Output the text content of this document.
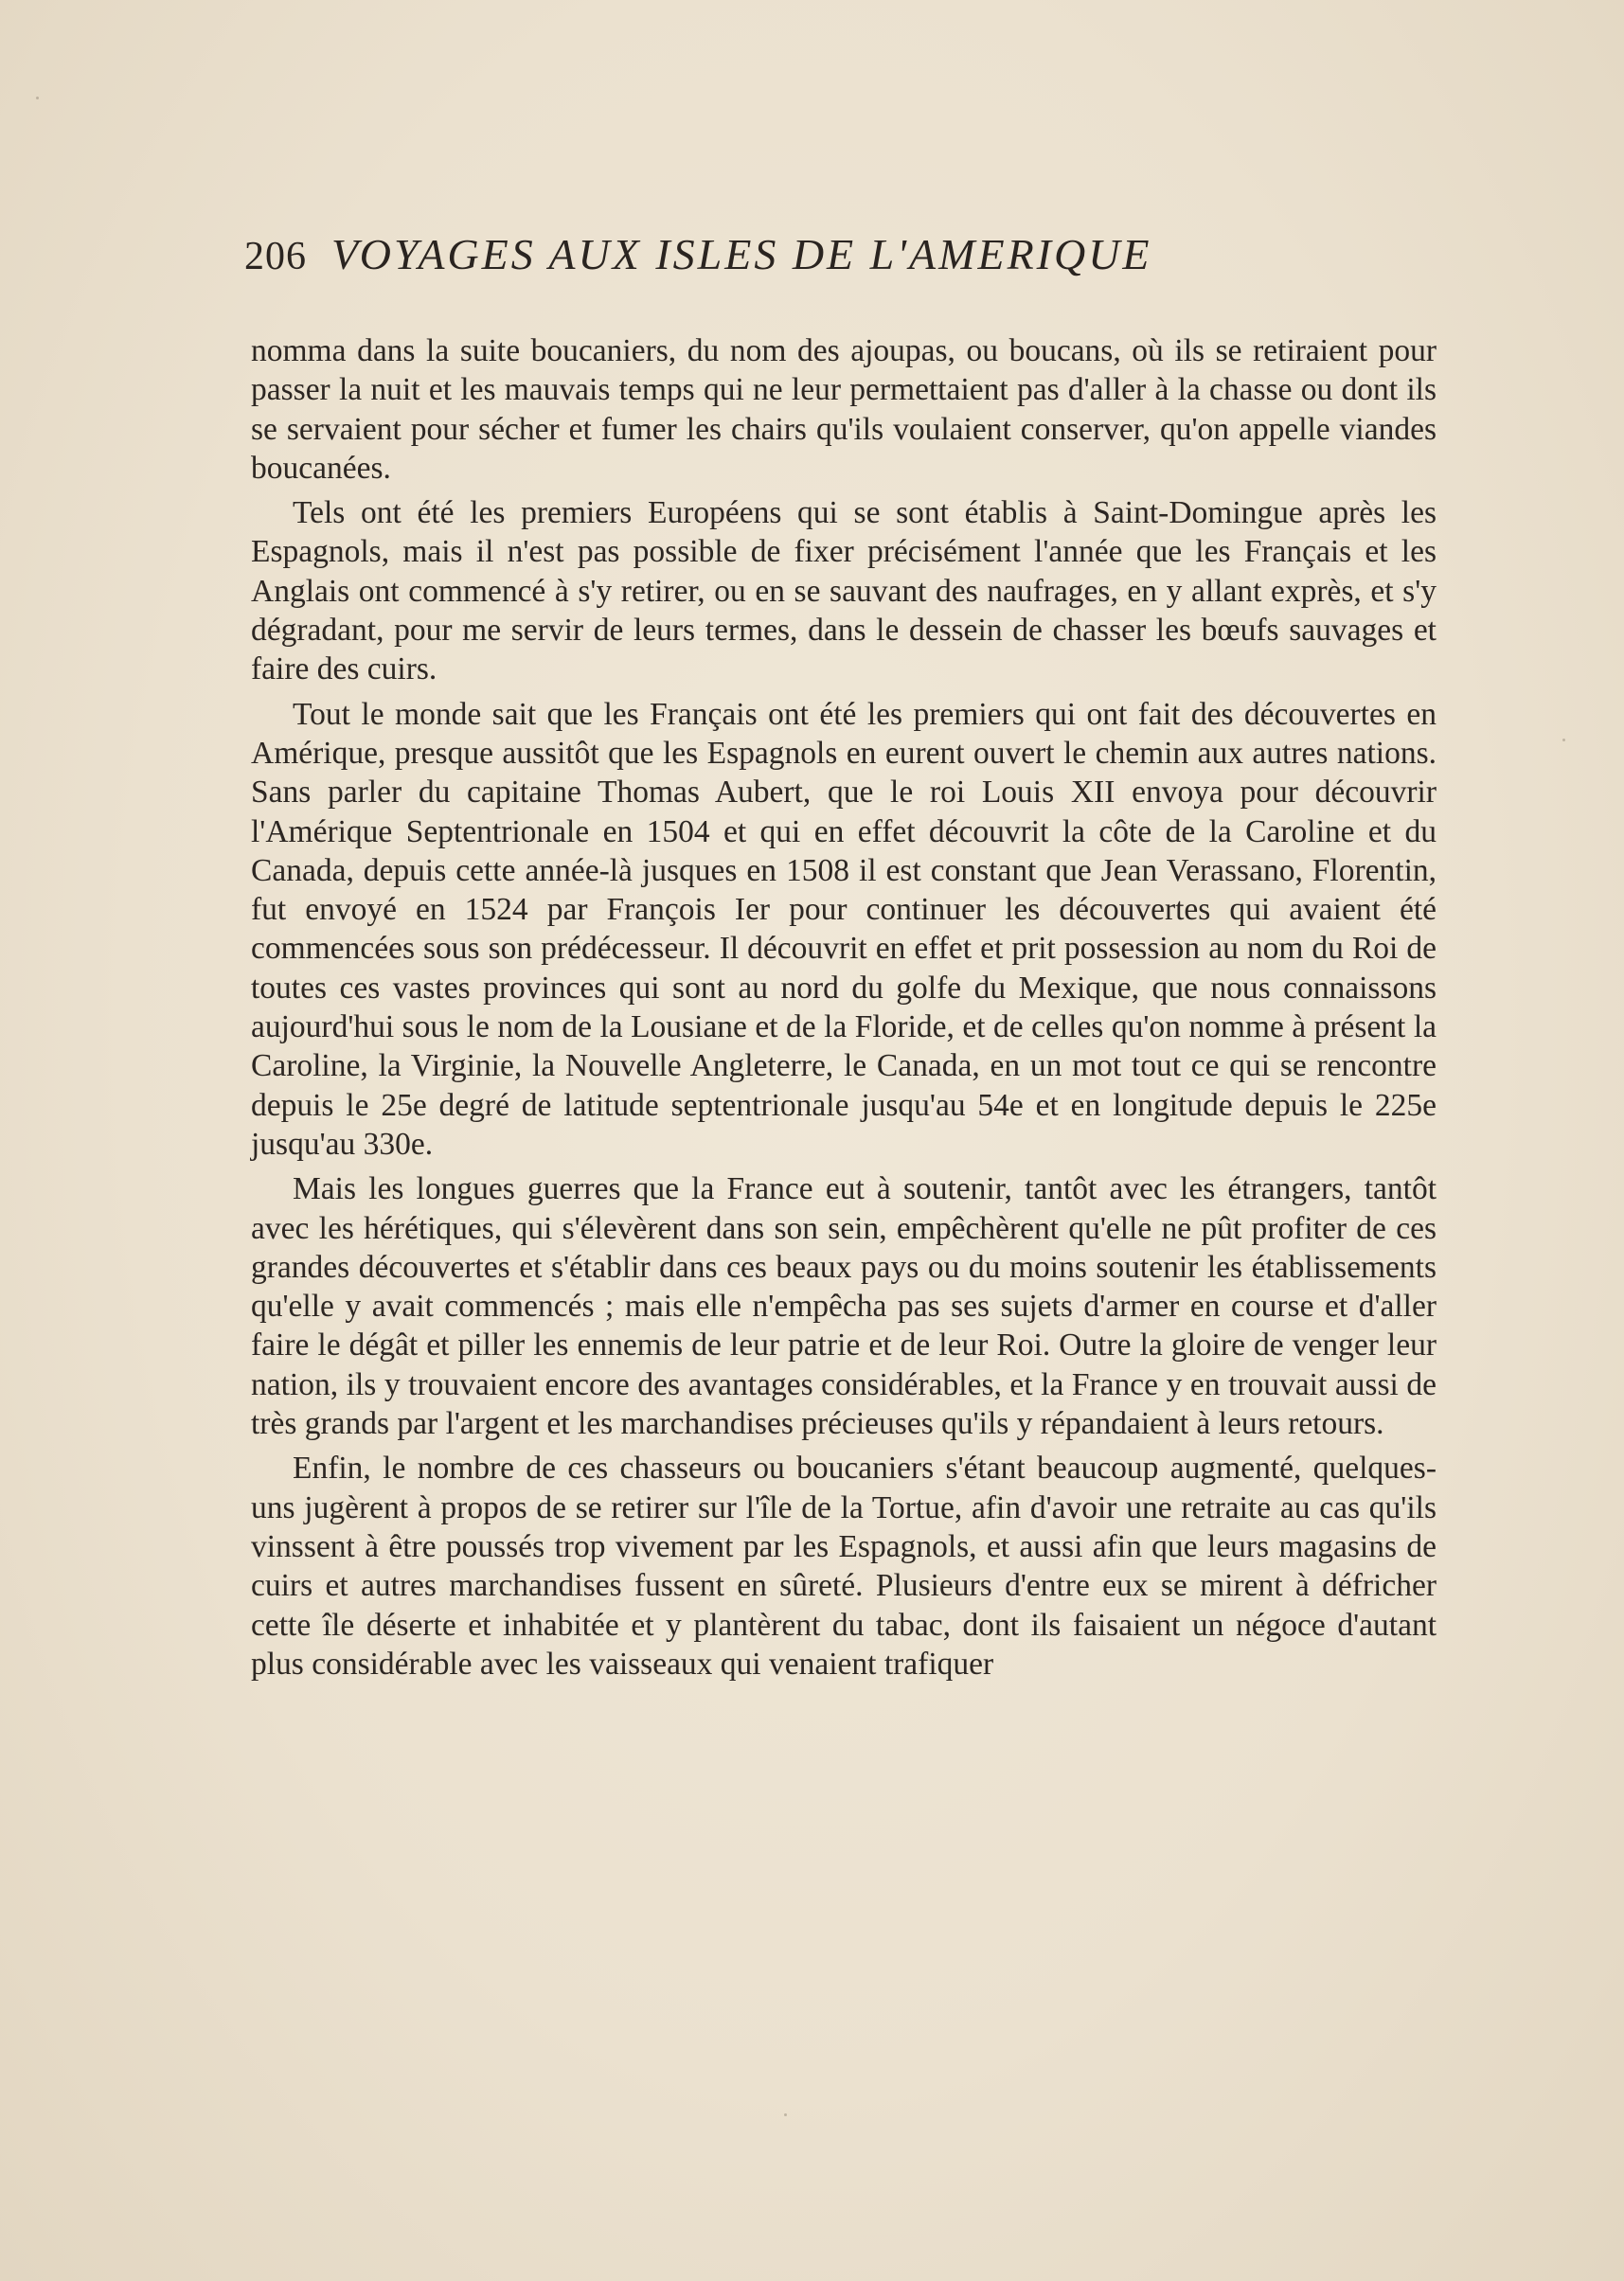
206 VOYAGES AUX ISLES DE L'AMERIQUE

nomma dans la suite boucaniers, du nom des ajoupas, ou boucans, où ils se retiraient pour passer la nuit et les mauvais temps qui ne leur permettaient pas d'aller à la chasse ou dont ils se servaient pour sécher et fumer les chairs qu'ils voulaient conserver, qu'on appelle viandes boucanées.

Tels ont été les premiers Européens qui se sont établis à Saint-Domingue après les Espagnols, mais il n'est pas possible de fixer précisément l'année que les Français et les Anglais ont commencé à s'y retirer, ou en se sauvant des naufrages, en y allant exprès, et s'y dégradant, pour me servir de leurs termes, dans le dessein de chasser les bœufs sauvages et faire des cuirs.

Tout le monde sait que les Français ont été les premiers qui ont fait des découvertes en Amérique, presque aussitôt que les Espagnols en eurent ouvert le chemin aux autres nations. Sans parler du capitaine Thomas Aubert, que le roi Louis XII envoya pour découvrir l'Amérique Septentrionale en 1504 et qui en effet découvrit la côte de la Caroline et du Canada, depuis cette année-là jusques en 1508 il est constant que Jean Verassano, Florentin, fut envoyé en 1524 par François Ier pour continuer les découvertes qui avaient été commencées sous son prédécesseur. Il découvrit en effet et prit possession au nom du Roi de toutes ces vastes provinces qui sont au nord du golfe du Mexique, que nous connaissons aujourd'hui sous le nom de la Lousiane et de la Floride, et de celles qu'on nomme à présent la Caroline, la Virginie, la Nouvelle Angleterre, le Canada, en un mot tout ce qui se rencontre depuis le 25e degré de latitude septentrionale jusqu'au 54e et en longitude depuis le 225e jusqu'au 330e.

Mais les longues guerres que la France eut à soutenir, tantôt avec les étrangers, tantôt avec les hérétiques, qui s'élevèrent dans son sein, empêchèrent qu'elle ne pût profiter de ces grandes découvertes et s'établir dans ces beaux pays ou du moins soutenir les établissements qu'elle y avait commencés ; mais elle n'empêcha pas ses sujets d'armer en course et d'aller faire le dégât et piller les ennemis de leur patrie et de leur Roi. Outre la gloire de venger leur nation, ils y trouvaient encore des avantages considérables, et la France y en trouvait aussi de très grands par l'argent et les marchandises précieuses qu'ils y répandaient à leurs retours.

Enfin, le nombre de ces chasseurs ou boucaniers s'étant beaucoup augmenté, quelques-uns jugèrent à propos de se retirer sur l'île de la Tortue, afin d'avoir une retraite au cas qu'ils vinssent à être poussés trop vivement par les Espagnols, et aussi afin que leurs magasins de cuirs et autres marchandises fussent en sûreté. Plusieurs d'entre eux se mirent à défricher cette île déserte et inhabitée et y plantèrent du tabac, dont ils faisaient un négoce d'autant plus considérable avec les vaisseaux qui venaient trafiquer
